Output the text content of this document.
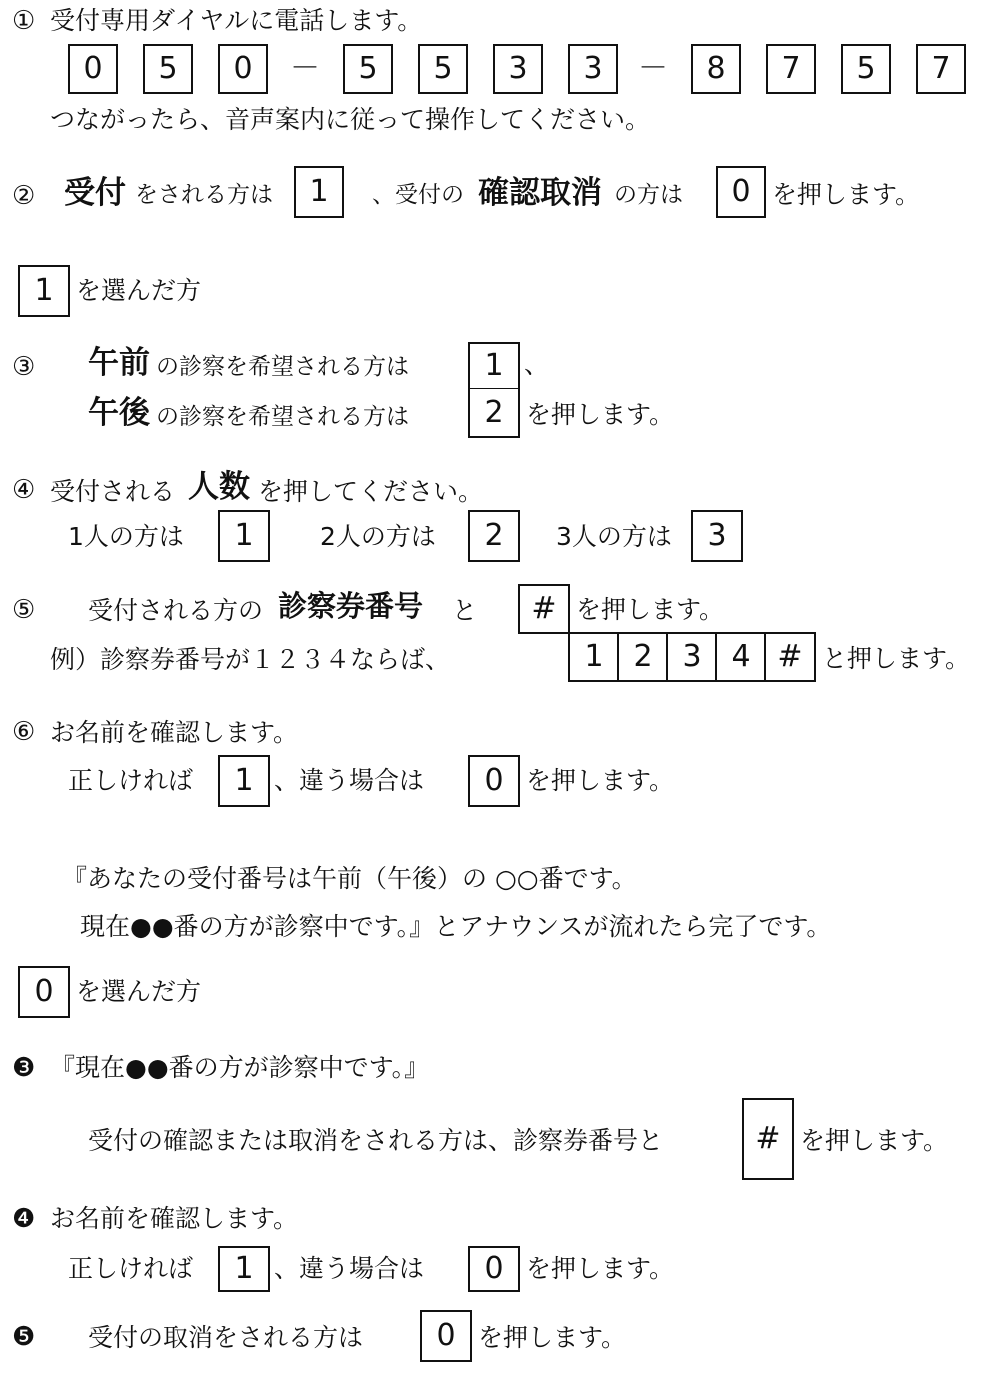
① 受付専用ダイヤルに電話します。
0	5	0	－	5	5	3	3	－	8	7	5	7
つながったら、音声案内に従って操作してください。
② 受付 をされる方は	1	、受付の 確認取消 の方は	0 を押します。
1 を選んだ方
③ 午前 の診察を希望される方は	1 、
午後 の診察を希望される方は	2 を押します。
④ 受付される 人数 を押してください。
1人の方は	1	2人の方は	2	3人の方は	3
⑤ 受付される方の 診察券番号 と	# を押します。
例）診察券番号が１２３４ならば、	1 2 3 4 # と押します。
⑥ お名前を確認します。
正しければ	1 、違う場合は	0 を押します。
『あなたの受付番号は午前（午後）の ○○番です。
現在●●番の方が診察中です。』とアナウンスが流れたら完了です。
0 を選んだ方
❸ 『現在●●番の方が診察中です。』
受付の確認または取消をされる方は、診察券番号と	# を押します。
❹ お名前を確認します。
正しければ	1 、違う場合は	0 を押します。
❺ 受付の取消をされる方は	0 を押します。
